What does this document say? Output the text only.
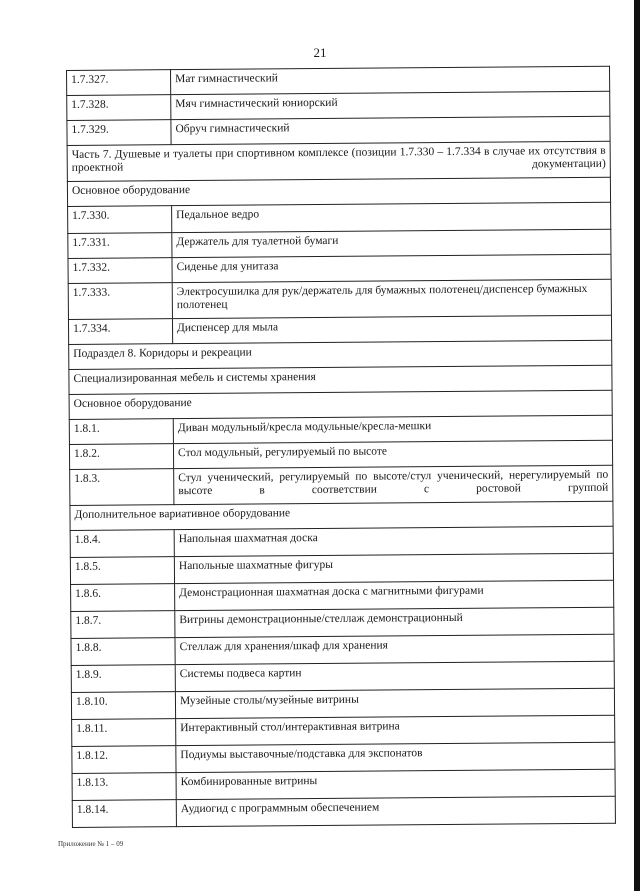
21
1.7.327.	Мат гимнастический
1.7.328.	Мяч гимнастический юниорский
1.7.329.	Обруч гимнастический
Часть 7. Душевые и туалеты при спортивном комплексе (позиции 1.7.330 – 1.7.334 в случае их отсутствия в проектной документации)	
Основное оборудование	
1.7.330.	Педальное ведро
1.7.331.	Держатель для туалетной бумаги
1.7.332.	Сиденье для унитаза
1.7.333.	Электросушилка для рук/держатель для бумажных полотенец/диспенсер бумажных полотенец
1.7.334.	Диспенсер для мыла
Подраздел 8. Коридоры и рекреации	
Специализированная мебель и системы хранения	
Основное оборудование	
1.8.1.	Диван модульный/кресла модульные/кресла-мешки
1.8.2.	Стол модульный, регулируемый по высоте
1.8.3.	Стул ученический, регулируемый по высоте/стул ученический, нерегулируемый по высоте в соответствии с ростовой группой
Дополнительное вариативное оборудование	
1.8.4.	Напольная шахматная доска
1.8.5.	Напольные шахматные фигуры
1.8.6.	Демонстрационная шахматная доска с магнитными фигурами
1.8.7.	Витрины демонстрационные/стеллаж демонстрационный
1.8.8.	Стеллаж для хранения/шкаф для хранения
1.8.9.	Системы подвеса картин
1.8.10.	Музейные столы/музейные витрины
1.8.11.	Интерактивный стол/интерактивная витрина
1.8.12.	Подиумы выставочные/подставка для экспонатов
1.8.13.	Комбинированные витрины
1.8.14.	Аудиогид с программным обеспечением
Приложение № 1 – 09
